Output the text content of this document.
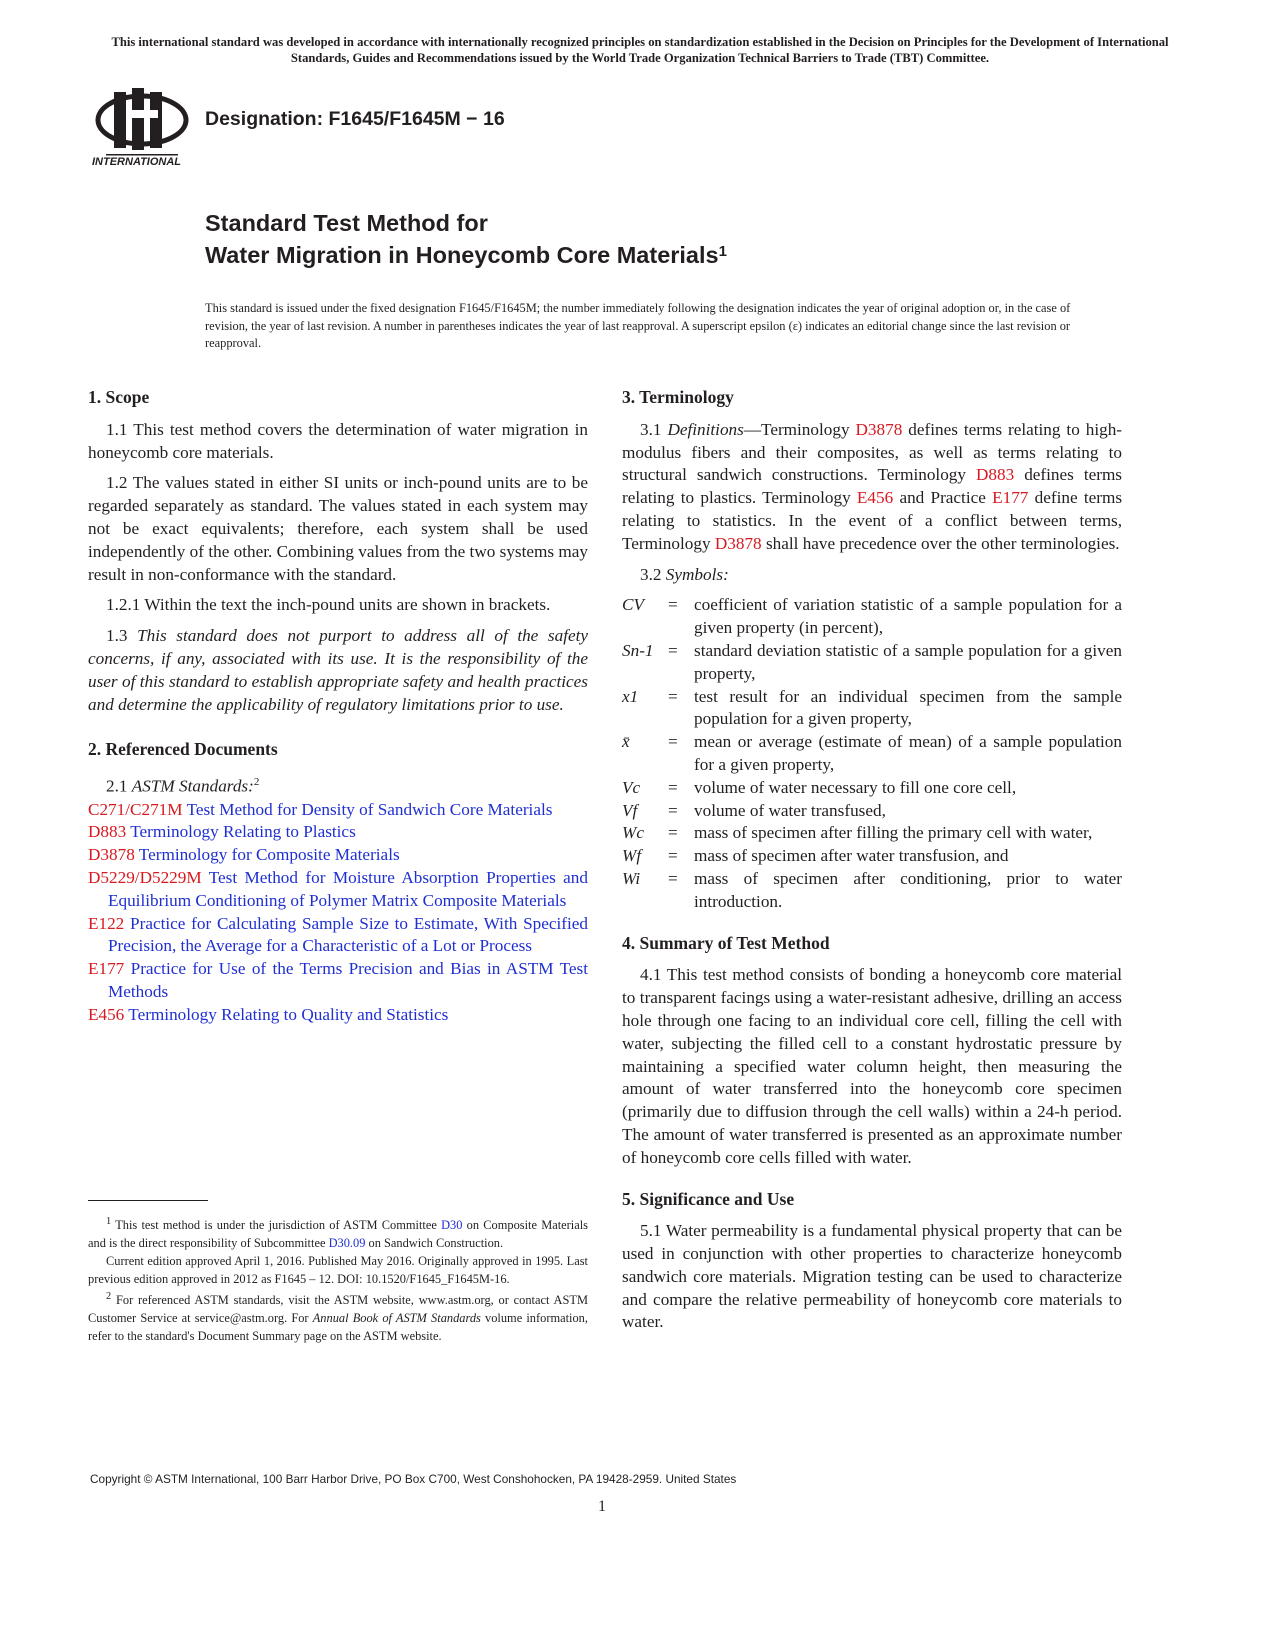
This international standard was developed in accordance with internationally recognized principles on standardization established in the Decision on Principles for the Development of International Standards, Guides and Recommendations issued by the World Trade Organization Technical Barriers to Trade (TBT) Committee.
INTERNATIONAL
Designation: F1645/F1645M − 16
Standard Test Method for
Water Migration in Honeycomb Core Materials$^1$
This standard is issued under the fixed designation F1645/F1645M; the number immediately following the designation indicates the year of original adoption or, in the case of revision, the year of last revision. A number in parentheses indicates the year of last reapproval. A superscript epsilon (ε) indicates an editorial change since the last revision or reapproval.
1. Scope

1.1 This test method covers the determination of water migration in honeycomb core materials.

1.2 The values stated in either SI units or inch-pound units are to be regarded separately as standard. The values stated in each system may not be exact equivalents; therefore, each system shall be used independently of the other. Combining values from the two systems may result in non-conformance with the standard.

1.2.1 Within the text the inch-pound units are shown in brackets.

1.3 This standard does not purport to address all of the safety concerns, if any, associated with its use. It is the responsibility of the user of this standard to establish appropriate safety and health practices and determine the applicability of regulatory limitations prior to use.

2. Referenced Documents

2.1 ASTM Standards:$^2$

C271/C271M Test Method for Density of Sandwich Core Materials
D883 Terminology Relating to Plastics
D3878 Terminology for Composite Materials
D5229/D5229M Test Method for Moisture Absorption Properties and Equilibrium Conditioning of Polymer Matrix Composite Materials
E122 Practice for Calculating Sample Size to Estimate, With Specified Precision, the Average for a Characteristic of a Lot or Process
E177 Practice for Use of the Terms Precision and Bias in ASTM Test Methods
E456 Terminology Relating to Quality and Statistics

$^1$ This test method is under the jurisdiction of ASTM Committee D30 on Composite Materials and is the direct responsibility of Subcommittee D30.09 on Sandwich Construction.

Current edition approved April 1, 2016. Published May 2016. Originally approved in 1995. Last previous edition approved in 2012 as F1645 – 12. DOI: 10.1520/F1645_F1645M-16.

$^2$ For referenced ASTM standards, visit the ASTM website, www.astm.org, or contact ASTM Customer Service at service@astm.org. For Annual Book of ASTM Standards volume information, refer to the standard's Document Summary page on the ASTM website.

3. Terminology

3.1 Definitions—Terminology D3878 defines terms relating to high-modulus fibers and their composites, as well as terms relating to structural sandwich constructions. Terminology D883 defines terms relating to plastics. Terminology E456 and Practice E177 define terms relating to statistics. In the event of a conflict between terms, Terminology D3878 shall have precedence over the other terminologies.

3.2 Symbols:

CV	= coefficient of variation statistic of a sample population for a given property (in percent),
Sn-1 = standard deviation statistic of a sample population for a given property,
x1	= test result for an individual specimen from the sample population for a given property,
x̄	= mean or average (estimate of mean) of a sample population for a given property,
Vc	= volume of water necessary to fill one core cell,
Vf	= volume of water transfused,
Wc	= mass of specimen after filling the primary cell with water,
Wf	= mass of specimen after water transfusion, and
Wi	= mass of specimen after conditioning, prior to water introduction.
4. Summary of Test Method

4.1 This test method consists of bonding a honeycomb core material to transparent facings using a water-resistant adhesive, drilling an access hole through one facing to an individual core cell, filling the cell with water, subjecting the filled cell to a constant hydrostatic pressure by maintaining a specified water column height, then measuring the amount of water transferred into the honeycomb core specimen (primarily due to diffusion through the cell walls) within a 24-h period. The amount of water transferred is presented as an approximate number of honeycomb core cells filled with water.

5. Significance and Use

5.1 Water permeability is a fundamental physical property that can be used in conjunction with other properties to characterize honeycomb sandwich core materials. Migration testing can be used to characterize and compare the relative permeability of honeycomb core materials to water.

Copyright © ASTM International, 100 Barr Harbor Drive, PO Box C700, West Conshohocken, PA 19428-2959. United States
1
